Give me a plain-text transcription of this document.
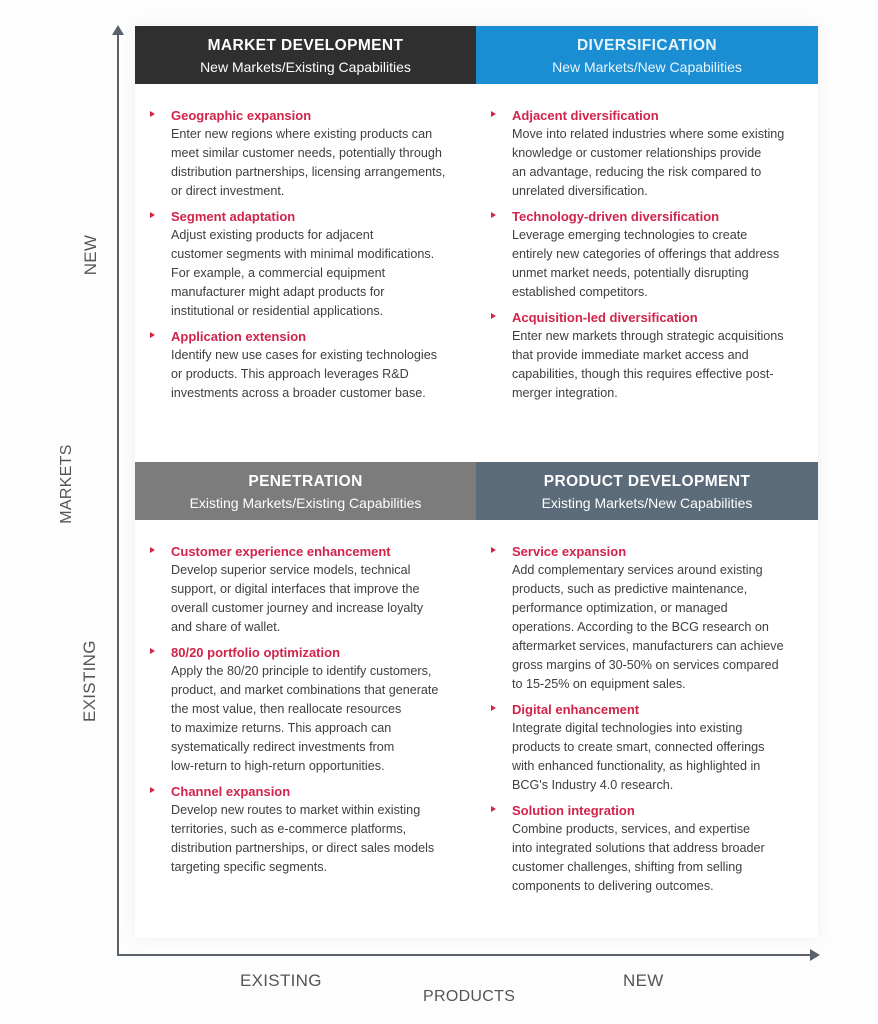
NEW
MARKETS
EXISTING
EXISTING	NEW
PRODUCTS
MARKET DEVELOPMENT
New Markets/Existing Capabilities
DIVERSIFICATION
New Markets/New Capabilities
PENETRATION
Existing Markets/Existing Capabilities
PRODUCT DEVELOPMENT
Existing Markets/New Capabilities
Geographic expansion
Enter new regions where existing products can
meet similar customer needs, potentially through
distribution partnerships, licensing arrangements,
or direct investment.
Segment adaptation
Adjust existing products for adjacent
customer segments with minimal modifications.
For example, a commercial equipment
manufacturer might adapt products for
institutional or residential applications.
Application extension
Identify new use cases for existing technologies
or products. This approach leverages R&D
investments across a broader customer base.
Adjacent diversification
Move into related industries where some existing
knowledge or customer relationships provide
an advantage, reducing the risk compared to
unrelated diversification.
Technology-driven diversification
Leverage emerging technologies to create
entirely new categories of offerings that address
unmet market needs, potentially disrupting
established competitors.
Acquisition-led diversification
Enter new markets through strategic acquisitions
that provide immediate market access and
capabilities, though this requires effective post-
merger integration.
Customer experience enhancement
Develop superior service models, technical
support, or digital interfaces that improve the
overall customer journey and increase loyalty
and share of wallet.
80/20 portfolio optimization
Apply the 80/20 principle to identify customers,
product, and market combinations that generate
the most value, then reallocate resources
to maximize returns. This approach can
systematically redirect investments from
low-return to high-return opportunities.
Channel expansion
Develop new routes to market within existing
territories, such as e-commerce platforms,
distribution partnerships, or direct sales models
targeting specific segments.
Service expansion
Add complementary services around existing
products, such as predictive maintenance,
performance optimization, or managed
operations. According to the BCG research on
aftermarket services, manufacturers can achieve
gross margins of 30-50% on services compared
to 15-25% on equipment sales.
Digital enhancement
Integrate digital technologies into existing
products to create smart, connected offerings
with enhanced functionality, as highlighted in
BCG's Industry 4.0 research.
Solution integration
Combine products, services, and expertise
into integrated solutions that address broader
customer challenges, shifting from selling
components to delivering outcomes.
